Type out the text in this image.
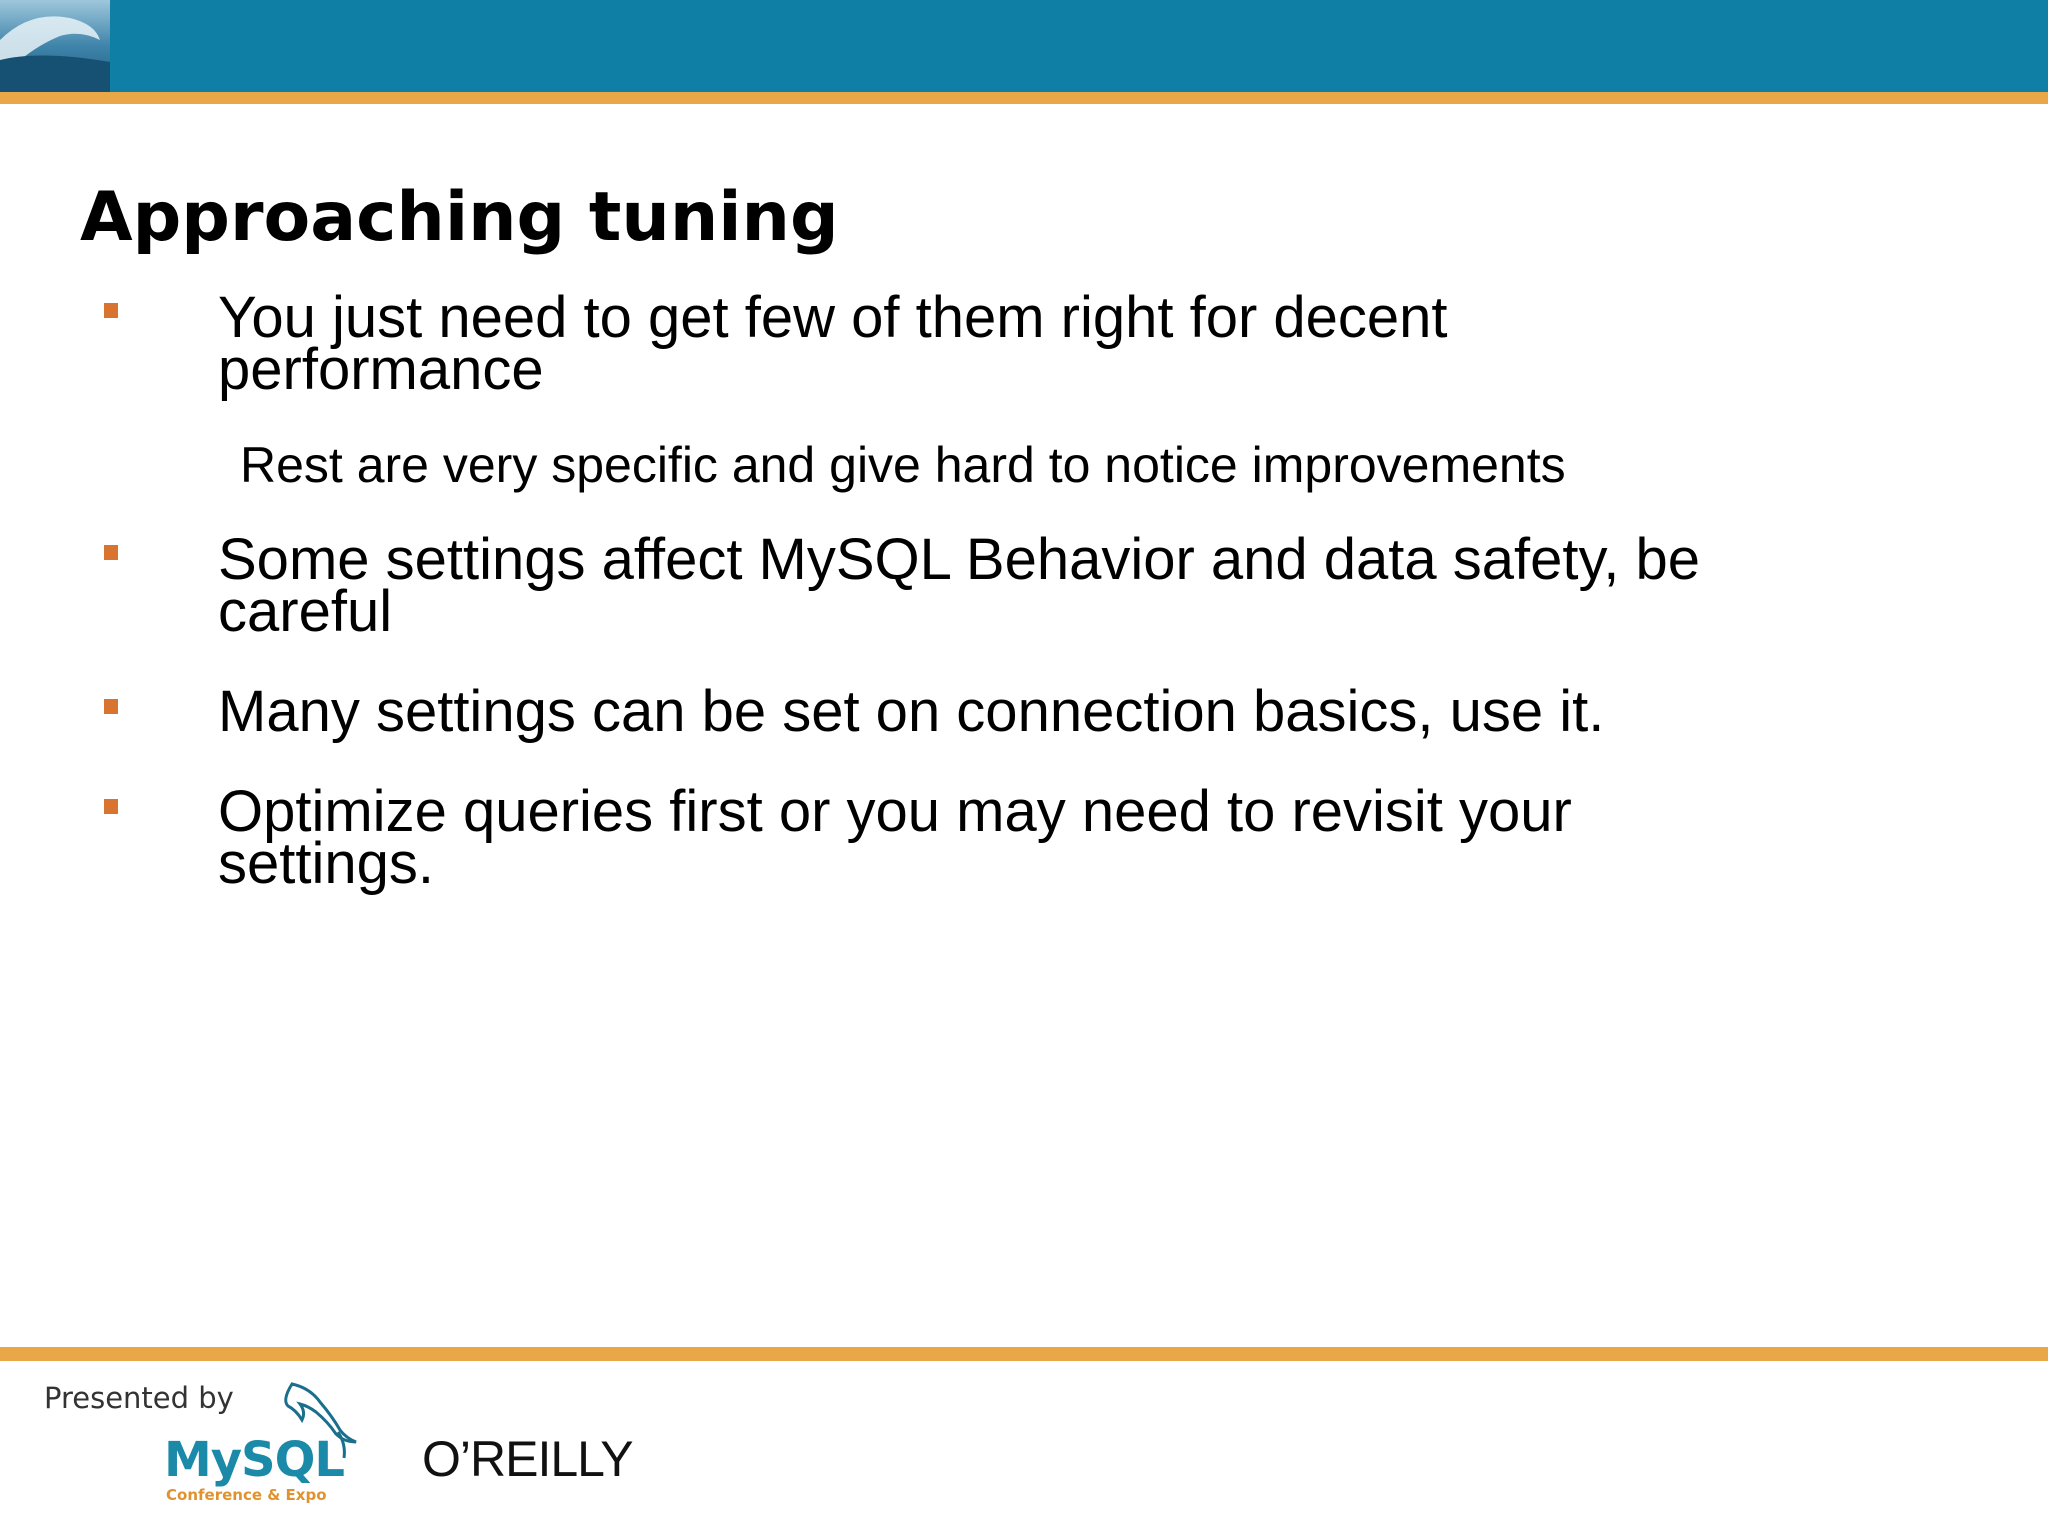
Approaching tuning
You just need to get few of them right for decent
performance
Rest are very specific and give hard to notice improvements
Some settings affect MySQL Behavior and data safety, be
careful
Many settings can be set on connection basics, use it.
Optimize queries first or you may need to revisit your
settings.
Presented by
MySQL
Conference & Expo
O’REILLY
